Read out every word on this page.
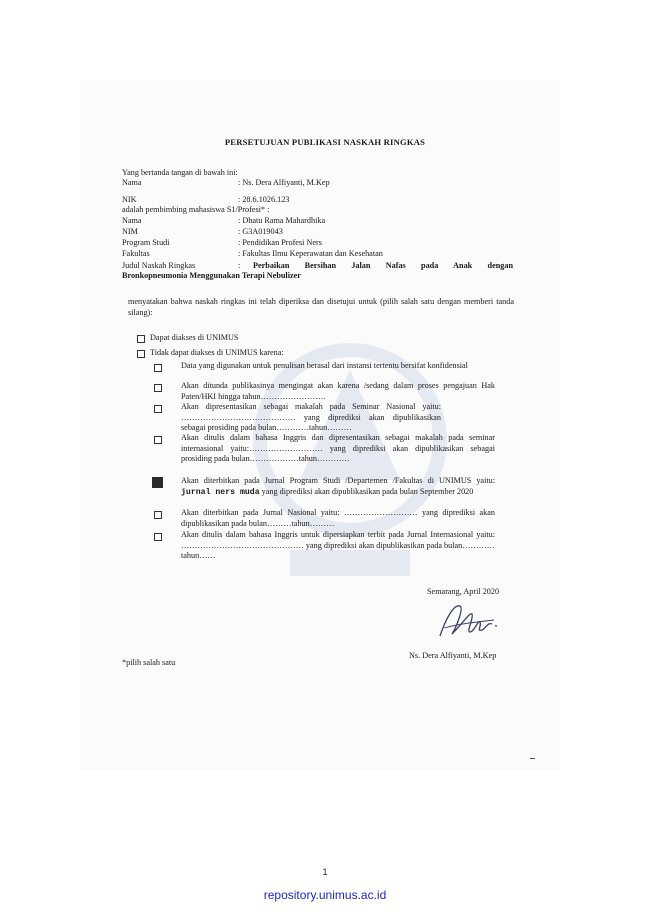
PERSETUJUAN PUBLIKASI NASKAH RINGKAS
Yang bertanda tangan di bawah ini:
Nama	: Ns. Dera Alfiyanti, M.Kep
NIK	: 28.6.1026.123
adalah pembimbing mahasiswa S1/Profesi* :
Nama	: Dhatu Rama Mahardhika
NIM	: G3A019043
Program Studi	: Pendidikan Profesi Ners
Fakultas	: Fakultas Ilmu Keperawatan dan Kesehatan
Judul Naskah Ringkas	: Perbaikan Bersihan Jalan Nafas pada Anak dengan
Bronkopneumonia Menggunakan Terapi Nebulizer
menyatakan bahwa naskah ringkas ini telah diperiksa dan disetujui untuk (pilih salah satu dengan memberi tanda silang):
Dapat diakses di UNIMUS
Tidak dapat diakses di UNIMUS karena:
Data yang digunakan untuk penulisan berasal dari instansi tertentu bersifat konfidensial
Akan ditunda publikasinya mengingat akan karena /sedang dalam proses pengajuan Hak Paten/HKI hingga tahun……………………
Akan dipresentasikan sebagai makalah pada Seminar Nasional yaitu: …………………………………… yang diprediksi akan dipublikasikan sebagai prosiding pada bulan…………tahun………
Akan ditulis dalam bahasa Inggris dan dipresentasikan sebagai makalah pada seminar internasional yaitu:……………………… yang diprediksi akan dipublikasikan sebagai prosiding pada bulan………………tahun…………
Akan diterbitkan pada Jurnal Program Studi /Departemen /Fakultas di UNIMUS yaitu: jurnal ners muda yang diprediksi akan dipublikasikan pada bulan September 2020
Akan diterbitkan pada Jurnal Nasional yaitu: ……………………… yang diprediksi akan dipublikasikan pada bulan………tahun………
Akan ditulis dalam bahasa Inggris untuk dipersiapkan terbit pada Jurnal Internasional yaitu: ……………………………………… yang diprediksi akan dipublikasikan pada bulan…………tahun……
Semarang, April 2020
Ns. Dera Alfiyanti, M.Kep
*pilih salah satu
1
repository.unimus.ac.id
